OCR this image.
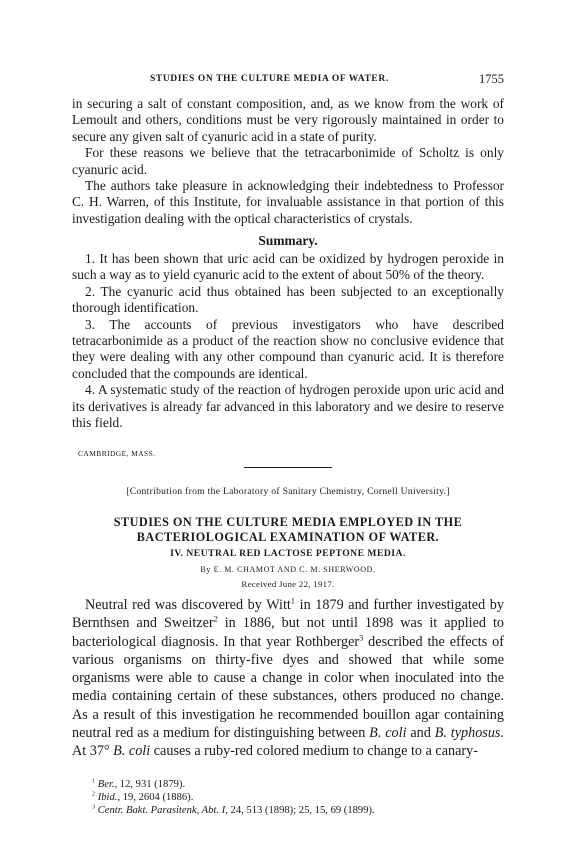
STUDIES ON THE CULTURE MEDIA OF WATER.	1755

in securing a salt of constant composition, and, as we know from the work of Lemoult and others, conditions must be very rigorously maintained in order to secure any given salt of cyanuric acid in a state of purity.

For these reasons we believe that the tetracarbonimide of Scholtz is only cyanuric acid.

The authors take pleasure in acknowledging their indebtedness to Professor C. H. Warren, of this Institute, for invaluable assistance in that portion of this investigation dealing with the optical characteristics of crystals.

Summary.

1. It has been shown that uric acid can be oxidized by hydrogen peroxide in such a way as to yield cyanuric acid to the extent of about 50% of the theory.

2. The cyanuric acid thus obtained has been subjected to an exceptionally thorough identification.

3. The accounts of previous investigators who have described tetracarbonimide as a product of the reaction show no conclusive evidence that they were dealing with any other compound than cyanuric acid. It is therefore concluded that the compounds are identical.

4. A systematic study of the reaction of hydrogen peroxide upon uric acid and its derivatives is already far advanced in this laboratory and we desire to reserve this field.

CAMBRIDGE, MASS.
[Contribution from the Laboratory of Sanitary Chemistry, Cornell University.]
STUDIES ON THE CULTURE MEDIA EMPLOYED IN THE BACTERIOLOGICAL EXAMINATION OF WATER.
IV. NEUTRAL RED LACTOSE PEPTONE MEDIA.
By E. M. CHAMOT AND C. M. SHERWOOD.
Received June 22, 1917.

Neutral red was discovered by Witt$^1$ in 1879 and further investigated by Bernthsen and Sweitzer$^2$ in 1886, but not until 1898 was it applied to bacteriological diagnosis. In that year Rothberger$^3$ described the effects of various organisms on thirty-five dyes and showed that while some organisms were able to cause a change in color when inoculated into the media containing certain of these substances, others produced no change. As a result of this investigation he recommended bouillon agar containing neutral red as a medium for distinguishing between B. coli and B. typhosus. At 37° B. coli causes a ruby-red colored medium to change to a canary-

$^1$ Ber., 12, 931 (1879).
$^2$ Ibid., 19, 2604 (1886).
$^3$ Centr. Bakt. Parasitenk, Abt. I, 24, 513 (1898); 25, 15, 69 (1899).
